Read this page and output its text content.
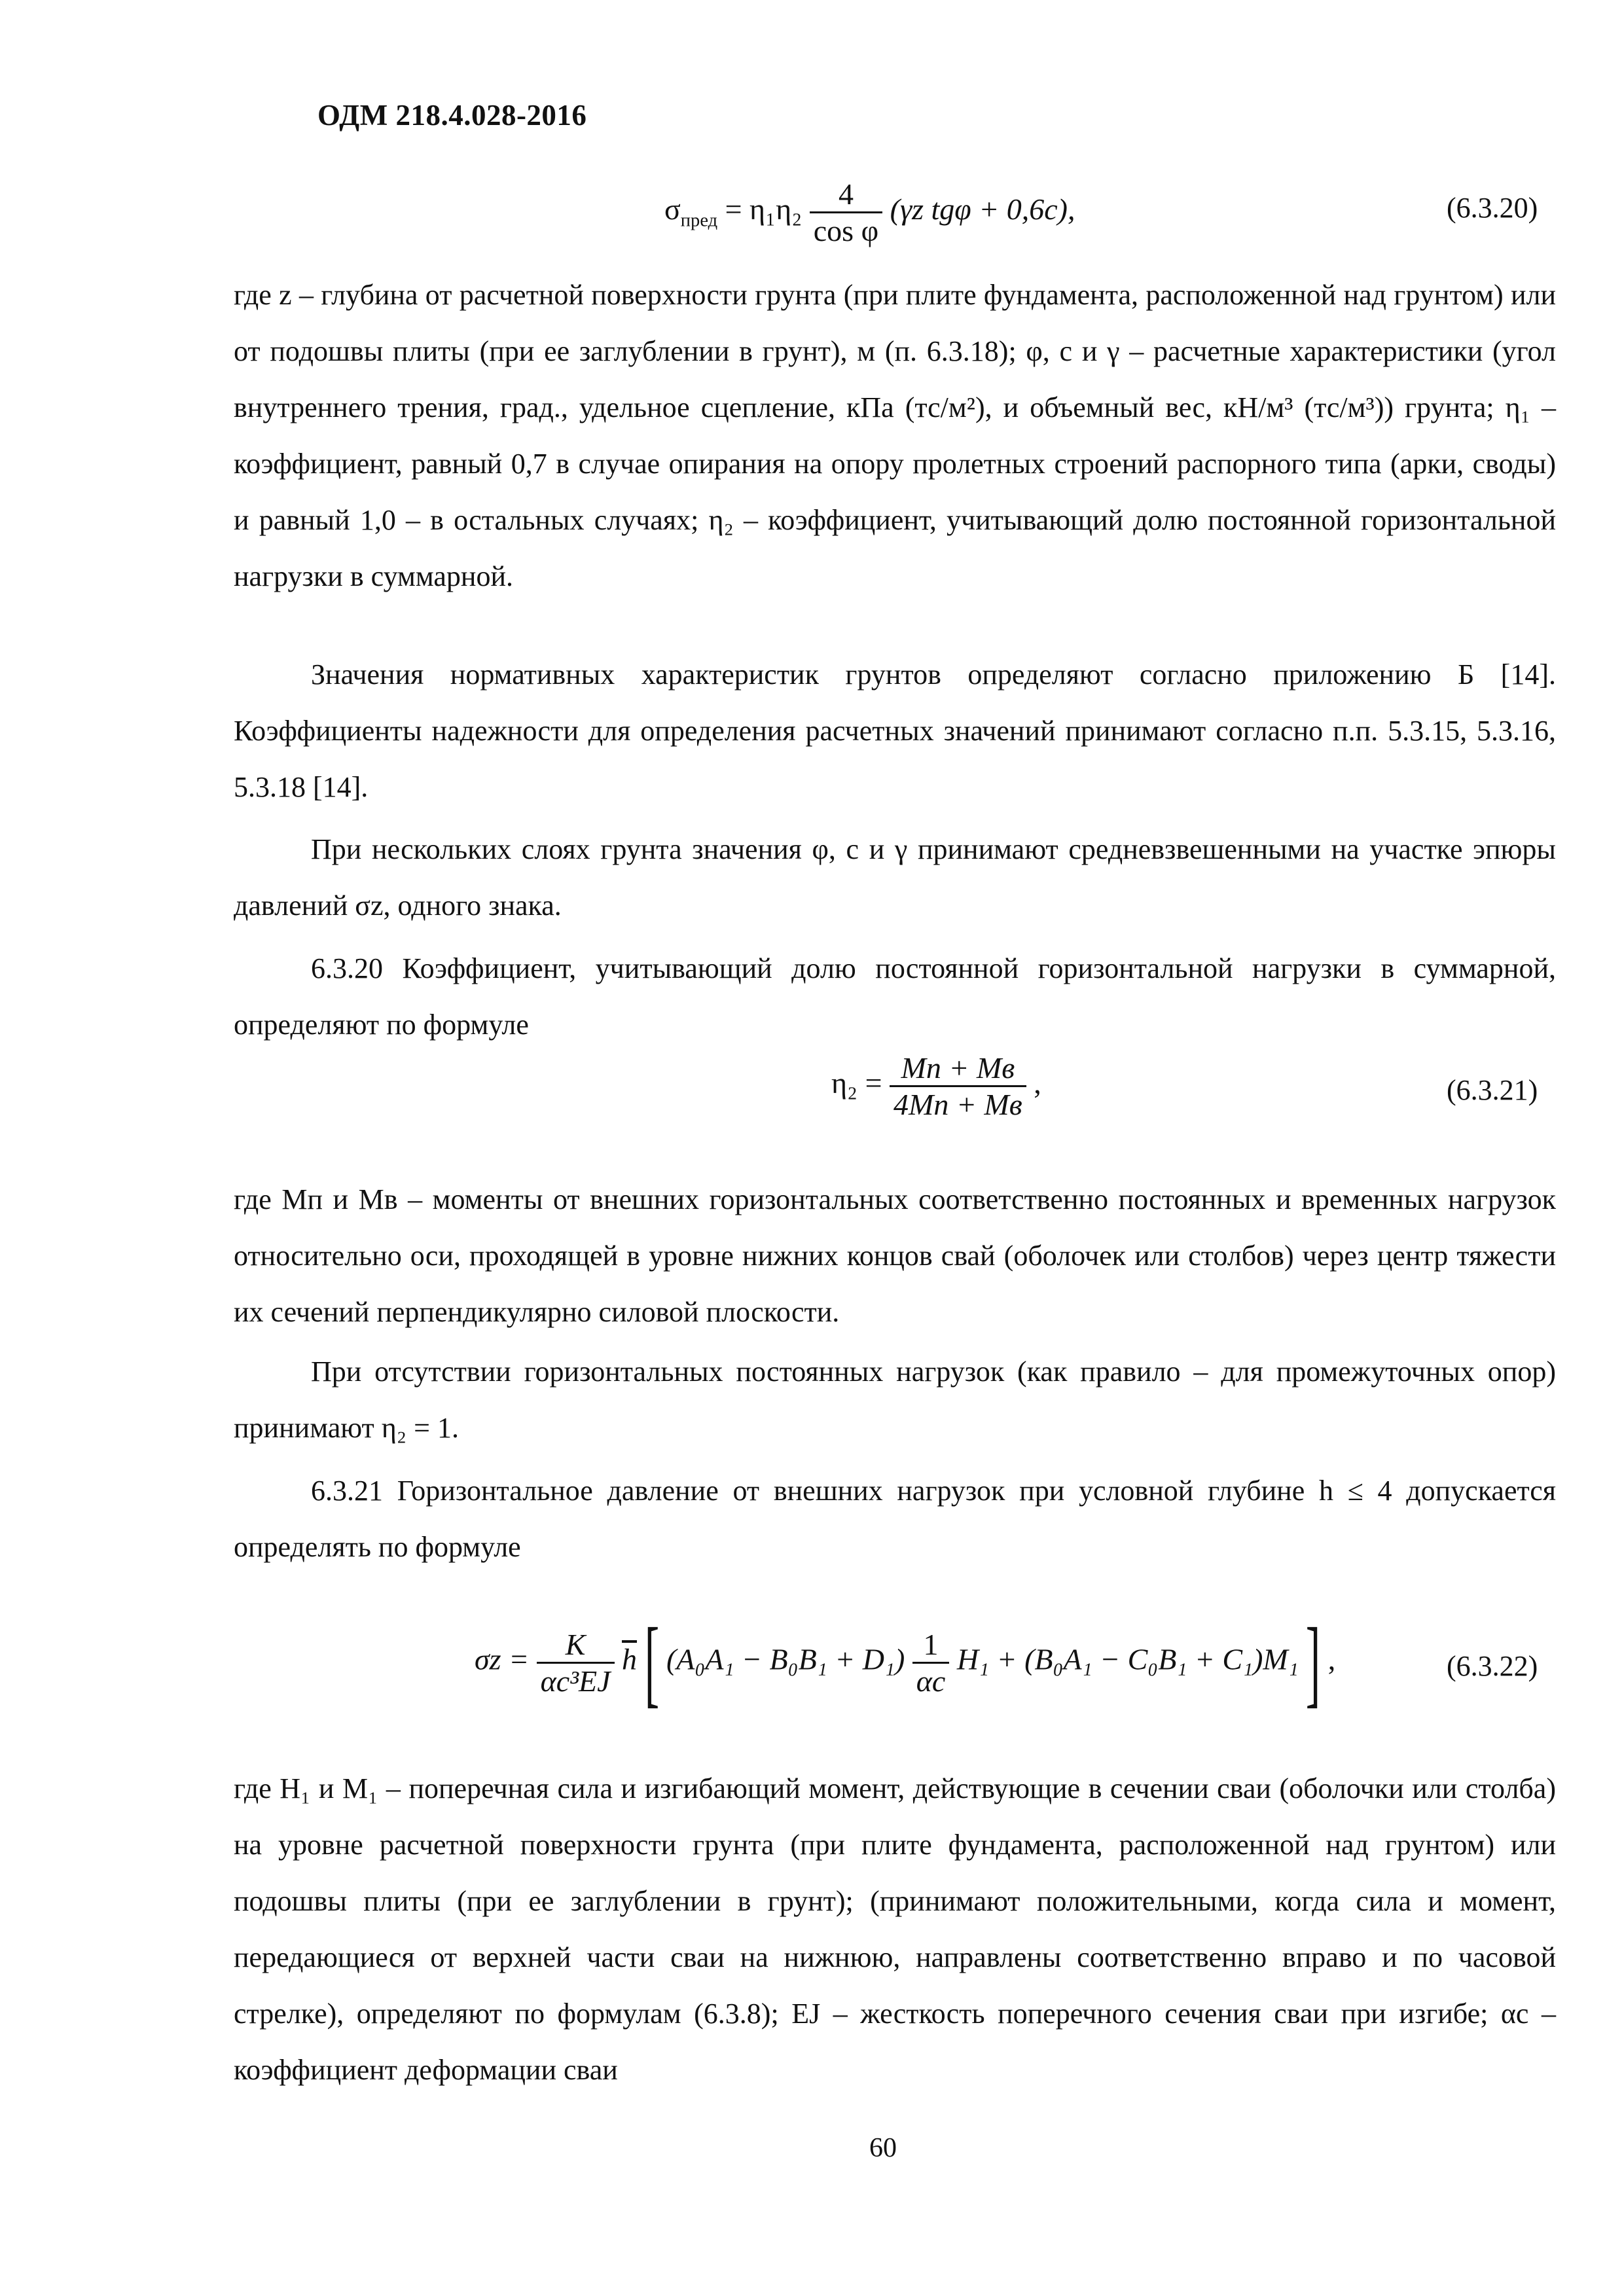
ОДМ 218.4.028-2016
$\sigma_{пред} = \eta_1\eta_2 \frac{4}{\text{cos φ}} (\gamma z$ tgφ + 0,6c),	(6.3.20)

где z – глубина от расчетной поверхности грунта (при плите фундамента, расположенной над грунтом) или от подошвы плиты (при ее заглублении в грунт), м (п. 6.3.18); φ, c и γ – расчетные характеристики (угол внутреннего трения, град., удельное сцепление, кПа (тс/м²), и объемный вес, кН/м³ (тс/м³)) грунта; η₁ – коэффициент, равный 0,7 в случае опирания на опору пролетных строений распорного типа (арки, своды) и равный 1,0 – в остальных случаях; η₂ – коэффициент, учитывающий долю постоянной горизонтальной нагрузки в суммарной.

Значения нормативных характеристик грунтов определяют согласно приложению Б [14]. Коэффициенты надежности для определения расчетных значений принимают согласно п.п. 5.3.15, 5.3.16, 5.3.18 [14].

При нескольких слоях грунта значения φ, c и γ принимают средневзвешенными на участке эпюры давлений σz, одного знака.

6.3.20 Коэффициент, учитывающий долю постоянной горизонтальной нагрузки в суммарной, определяют по формуле

$\eta_2 = \frac{Mп + Mв}{4Mп + Mв}$ ,	(6.3.21)

где Mп и Mв – моменты от внешних горизонтальных соответственно постоянных и временных нагрузок относительно оси, проходящей в уровне нижних концов свай (оболочек или столбов) через центр тяжести их сечений перпендикулярно силовой плоскости.

При отсутствии горизонтальных постоянных нагрузок (как правило – для промежуточных опор) принимают η₂ = 1.

6.3.21 Горизонтальное давление от внешних нагрузок при условной глубине h ≤ 4 допускается определять по формуле

$\sigma z = \frac{K}{\text{αc³EJ}} \overline{h}$ [ $(A_0A_1 - B_0B_1 + D_1) \frac{1}{\alpha c} H_1 + (B_0A_1 - C_0B_1 + C_1)M_1$ ] ,	(6.3.22)

где H₁ и M₁ – поперечная сила и изгибающий момент, действующие в сечении сваи (оболочки или столба) на уровне расчетной поверхности грунта (при плите фундамента, расположенной над грунтом) или подошвы плиты (при ее заглублении в грунт); (принимают положительными, когда сила и момент, передающиеся от верхней части сваи на нижнюю, направлены соответственно вправо и по часовой стрелке), определяют по формулам (6.3.8); EJ – жесткость поперечного сечения сваи при изгибе; αc – коэффициент деформации сваи

60
